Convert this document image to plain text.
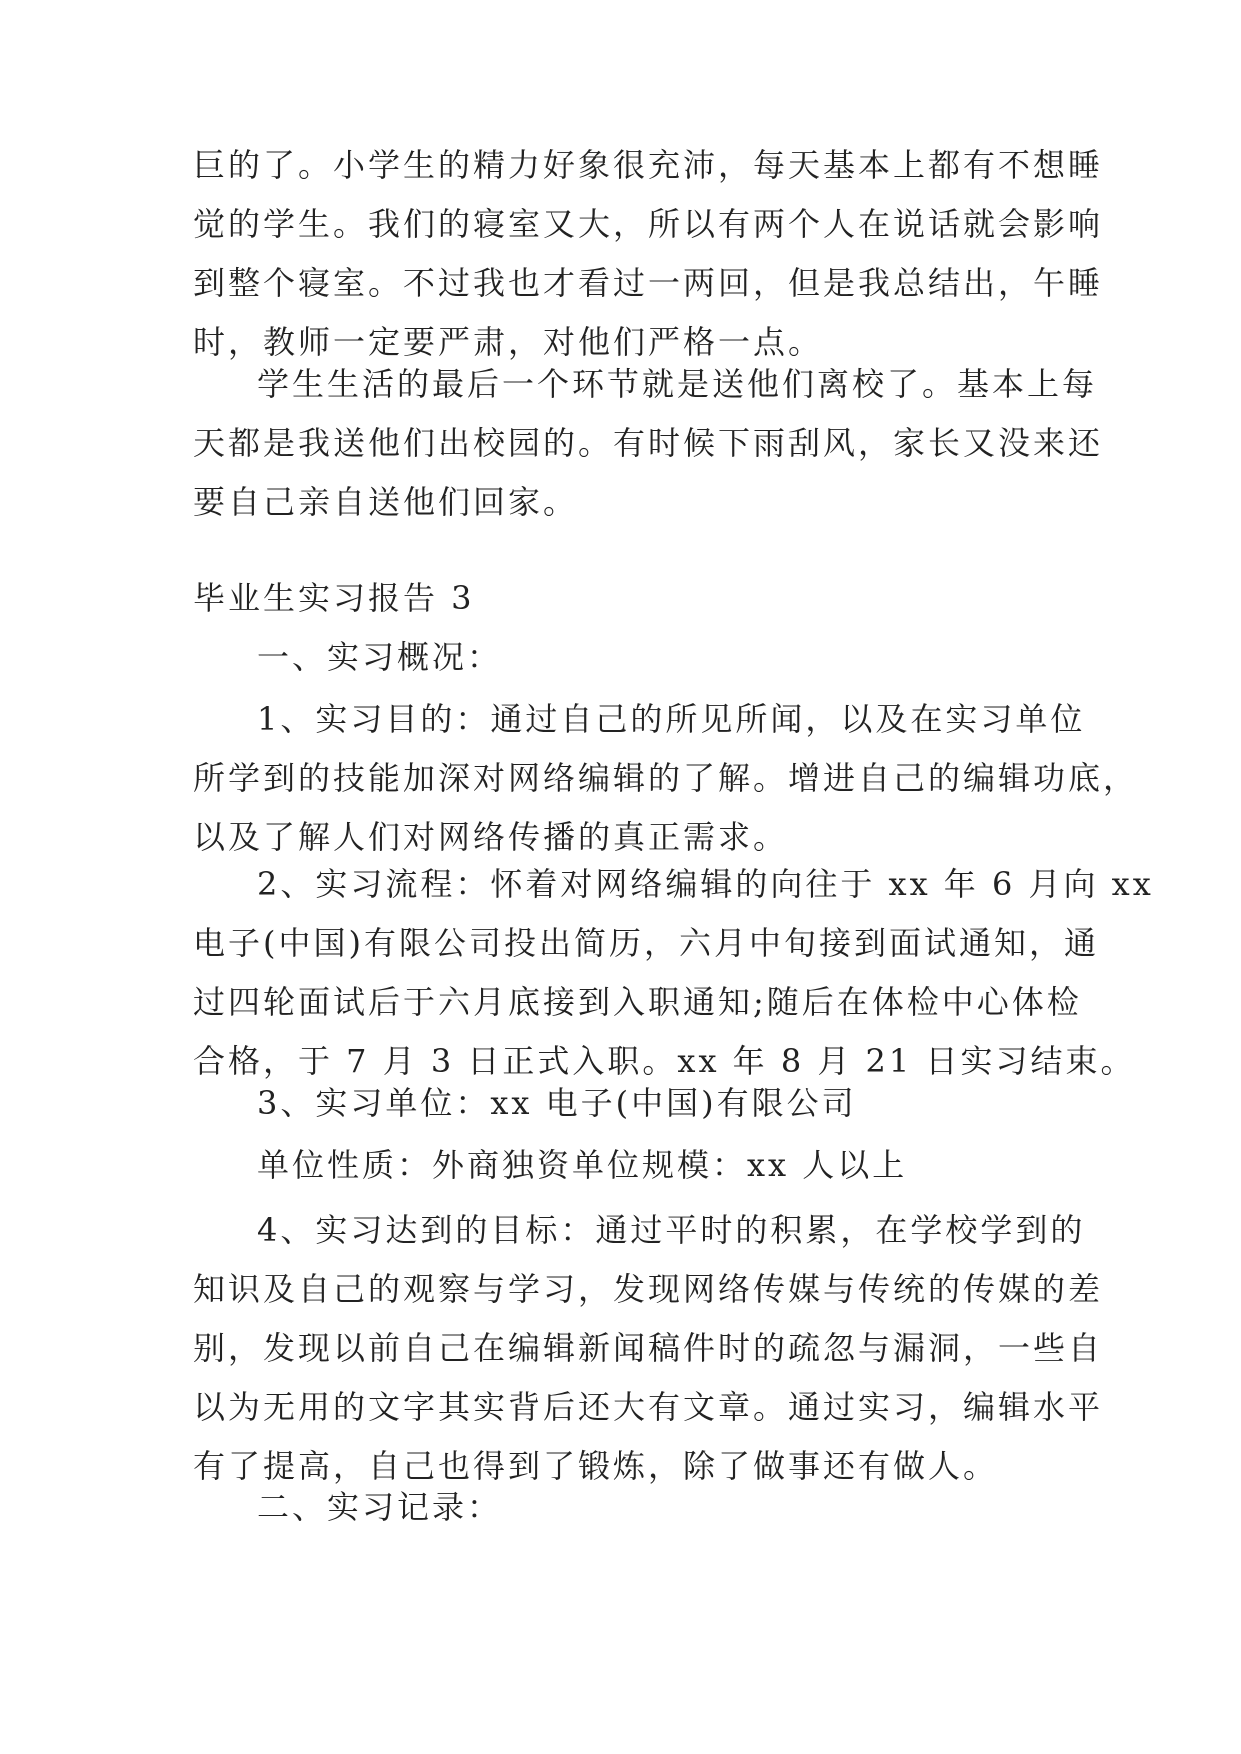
巨的了。小学生的精力好象很充沛，每天基本上都有不想睡
觉的学生。我们的寝室又大，所以有两个人在说话就会影响
到整个寝室。不过我也才看过一两回，但是我总结出，午睡
时，教师一定要严肃，对他们严格一点。
学生生活的最后一个环节就是送他们离校了。基本上每
天都是我送他们出校园的。有时候下雨刮风，家长又没来还
要自己亲自送他们回家。
毕业生实习报告 3
一、实习概况：
1、实习目的：通过自己的所见所闻，以及在实习单位
所学到的技能加深对网络编辑的了解。增进自己的编辑功底，
以及了解人们对网络传播的真正需求。
2、实习流程：怀着对网络编辑的向往于 xx 年 6 月向 xx
电子(中国)有限公司投出简历，六月中旬接到面试通知，通
过四轮面试后于六月底接到入职通知;随后在体检中心体检
合格，于 7 月 3 日正式入职。xx 年 8 月 21 日实习结束。
3、实习单位：xx 电子(中国)有限公司
单位性质：外商独资单位规模：xx 人以上
4、实习达到的目标：通过平时的积累，在学校学到的
知识及自己的观察与学习，发现网络传媒与传统的传媒的差
别，发现以前自己在编辑新闻稿件时的疏忽与漏洞，一些自
以为无用的文字其实背后还大有文章。通过实习，编辑水平
有了提高，自己也得到了锻炼，除了做事还有做人。
二、实习记录：
